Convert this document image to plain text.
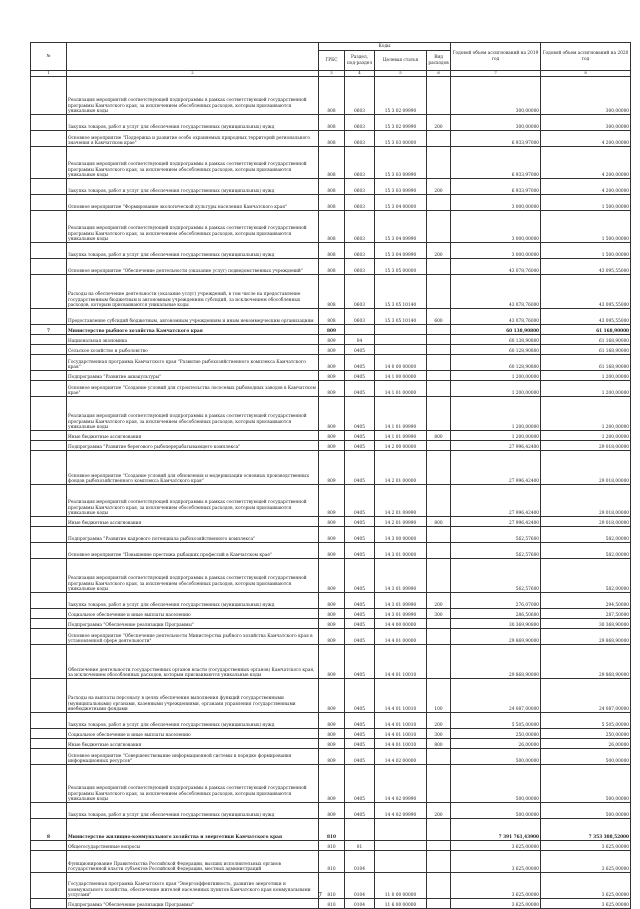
№		Коды				Годовой объем ассигнований на 2019 год	Годовой объем ассигнований на 2020 год
		ГРБС	Раздел, под-раздел	Целевая статья	Вид расходов		
1	2	3	4	5	6	7	8
	Реализация мероприятий соответствующей подпрограммы в рамках соответствующей государственной программы Камчатского края, за исключением обособленных расходов, которым присваиваются уникальные коды	808	0603	15 3 02 09990		300,00000	300,00000
	Закупка товаров, работ и услуг для обеспечения государственных (муниципальных) нужд	808	0603	15 3 02 09990	200	300,00000	300,00000
	Основное мероприятие "Поддержка и развитие особо охраняемых природных территорий регионального значения в Камчатском крае"	808	0603	15 3 03 00000		6 933,97000	4 200,00000
	Реализация мероприятий соответствующей подпрограммы в рамках соответствующей государственной программы Камчатского края, за исключением обособленных расходов, которым присваиваются уникальные коды	808	0603	15 3 03 09990		6 933,97000	4 200,00000
	Закупка товаров, работ и услуг для обеспечения государственных (муниципальных) нужд	808	0603	15 3 03 09990	200	6 933,97000	4 200,00000
	Основное мероприятие "Формирование экологической культуры населения Камчатского края"	808	0603	15 3 04 00000		3 000,00000	1 500,00000
	Реализация мероприятий соответствующей подпрограммы в рамках соответствующей государственной программы Камчатского края, за исключением обособленных расходов, которым присваиваются уникальные коды	808	0603	15 3 04 09990		3 000,00000	1 500,00000
	Закупка товаров, работ и услуг для обеспечения государственных (муниципальных) нужд	808	0603	15 3 04 09990	200	3 000,00000	1 500,00000
	Основное мероприятие "Обеспечение деятельности (оказание услуг) подведомственных учреждений"	808	0603	15 3 05 00000		43 078,76000	43 095,55000
	Расходы на обеспечение деятельности (оказание услуг) учреждений, в том числе на предоставление государственным бюджетным и автономным учреждениям субсидий, за исключением обособленных расходов, которым присваиваются уникальные коды	808	0603	15 3 05 10140		43 078,76000	43 095,55000
	Предоставление субсидий бюджетным, автономным учреждениям и иным некоммерческим организациям	808	0603	15 3 05 10140	600	43 078,76000	43 095,55000
7	Министерство рыбного хозяйства Камчатского края	809				60 138,90800	61 168,90000
	Национальная экономика	809	04			60 138,90800	61 168,90000
	Сельское хозяйство и рыболовство	809	0405			60 128,90800	61 168,90000
	Государственная программа Камчатского края "Развитие рыбохозяйственного комплекса Камчатского края"	809	0405	14 0 00 00000		60 128,90800	61 168,90000
	Подпрограмма "Развитие аквакультуры"	809	0405	14 1 00 00000		1 200,00000	1 200,00000
	Основное мероприятие "Создание условий для строительства лососевых рыбоводных заводов в Камчатском крае"	809	0405	14 1 01 00000		1 200,00000	1 200,00000
	Реализация мероприятий соответствующей подпрограммы в рамках соответствующей государственной программы Камчатского края, за исключением обособленных расходов, которым присваиваются уникальные коды	809	0405	14 1 01 09990		1 200,00000	1 200,00000
	Иные бюджетные ассигнования	809	0405	14 1 01 09990	800	1 200,00000	1 200,00000
	Подпрограмма "Развитие берегового рыбоперерабатывающего комплекса"	809	0405	14 2 00 00000		27 996,42400	29 018,00000
	Основное мероприятие "Создание условий для обновления и модернизации основных производственных фондов рыбохозяйственного комплекса Камчатского края"	809	0405	14 2 01 00000		27 996,42400	29 018,00000
	Реализация мероприятий соответствующей подпрограммы в рамках соответствующей государственной программы Камчатского края, за исключением обособленных расходов, которым присваиваются уникальные коды	809	0405	14 2 01 09990		27 996,42400	29 018,00000
	Иные бюджетные ассигнования	809	0405	14 2 01 09990	800	27 996,42400	29 018,00000
	Подпрограмма "Развитие кадрового потенциала рыбохозяйственного комплекса"	809	0405	14 3 00 00000		562,57600	582,00000
	Основное мероприятие "Повышение престижа рыбацких профессий в Камчатском крае"	809	0405	14 3 01 00000		562,57600	582,00000
	Реализация мероприятий соответствующей подпрограммы в рамках соответствующей государственной программы Камчатского края, за исключением обособленных расходов, которым присваиваются уникальные коды	809	0405	14 3 01 09990		562,57600	582,00000
	Закупка товаров, работ и услуг для обеспечения государственных (муниципальных) нужд	809	0405	14 3 01 09990	200	276,07000	294,50000
	Социальное обеспечение и иные выплаты населению	809	0405	14 3 01 09990	300	286,50600	287,50000
	Подпрограмма "Обеспечение реализации Программы"	809	0405	14 4 00 00000		30 369,90800	30 368,90000
	Основное мероприятие "Обеспечение деятельности Министерства рыбного хозяйства Камчатского края в установленной сфере деятельности"	809	0405	14 4 01 00000		29 869,90000	29 868,90000
	Обеспечение деятельности государственных органов власти (государственных органов) Камчатского края, за исключением обособленных расходов, которым присваиваются уникальные коды	809	0405	14 4 01 10010		29 868,90000	29 868,90000
	Расходы на выплаты персоналу в целях обеспечения выполнения функций государственными (муниципальными) органами, казенными учреждениями, органами управления государственными внебюджетными фондами	809	0405	14 4 01 10010	100	24 087,00000	24 087,00000
	Закупка товаров, работ и услуг для обеспечения государственных (муниципальных) нужд	809	0405	14 4 01 10010	200	5 505,00000	5 505,00000
	Социальное обеспечение и иные выплаты населению	809	0405	14 4 01 10010	300	250,00000	250,00000
	Иные бюджетные ассигнования	809	0405	14 4 01 10010	800	26,00000	26,00000
	Основное мероприятие "Совершенствование информационной системы в порядке формирования информационных ресурсов"	809	0405	14 4 02 00000		500,00000	500,00000
	Реализация мероприятий соответствующей подпрограммы в рамках соответствующей государственной программы Камчатского края, за исключением обособленных расходов, которым присваиваются уникальные коды	809	0405	14 4 02 09990		500,00000	500,00000
	Закупка товаров, работ и услуг для обеспечения государственных (муниципальных) нужд	809	0405	14 4 02 09990	200	500,00000	500,00000
8	Министерство жилищно-коммунального хозяйства и энергетики Камчатского края	810				7 391 761,43900	7 353 388,52000
	Общегосударственные вопросы	810	01			3 625,00000	3 625,00000
	Функционирование Правительства Российской Федерации, высших исполнительных органов государственной власти субъектов Российской Федерации, местных администраций	810	0104			3 625,00000	3 625,00000
	Государственная программа Камчатского края "Энергоэффективность, развитие энергетики и коммунального хозяйства, обеспечение жителей населенных пунктов Камчатского края коммунальными услугами"	810	0104	11 0 00 00000		3 625,00000	3 625,00000
	Подпрограмма "Обеспечение реализации Программы"	810	0104	11 6 00 00000		3 625,00000	3 625,00000
7
